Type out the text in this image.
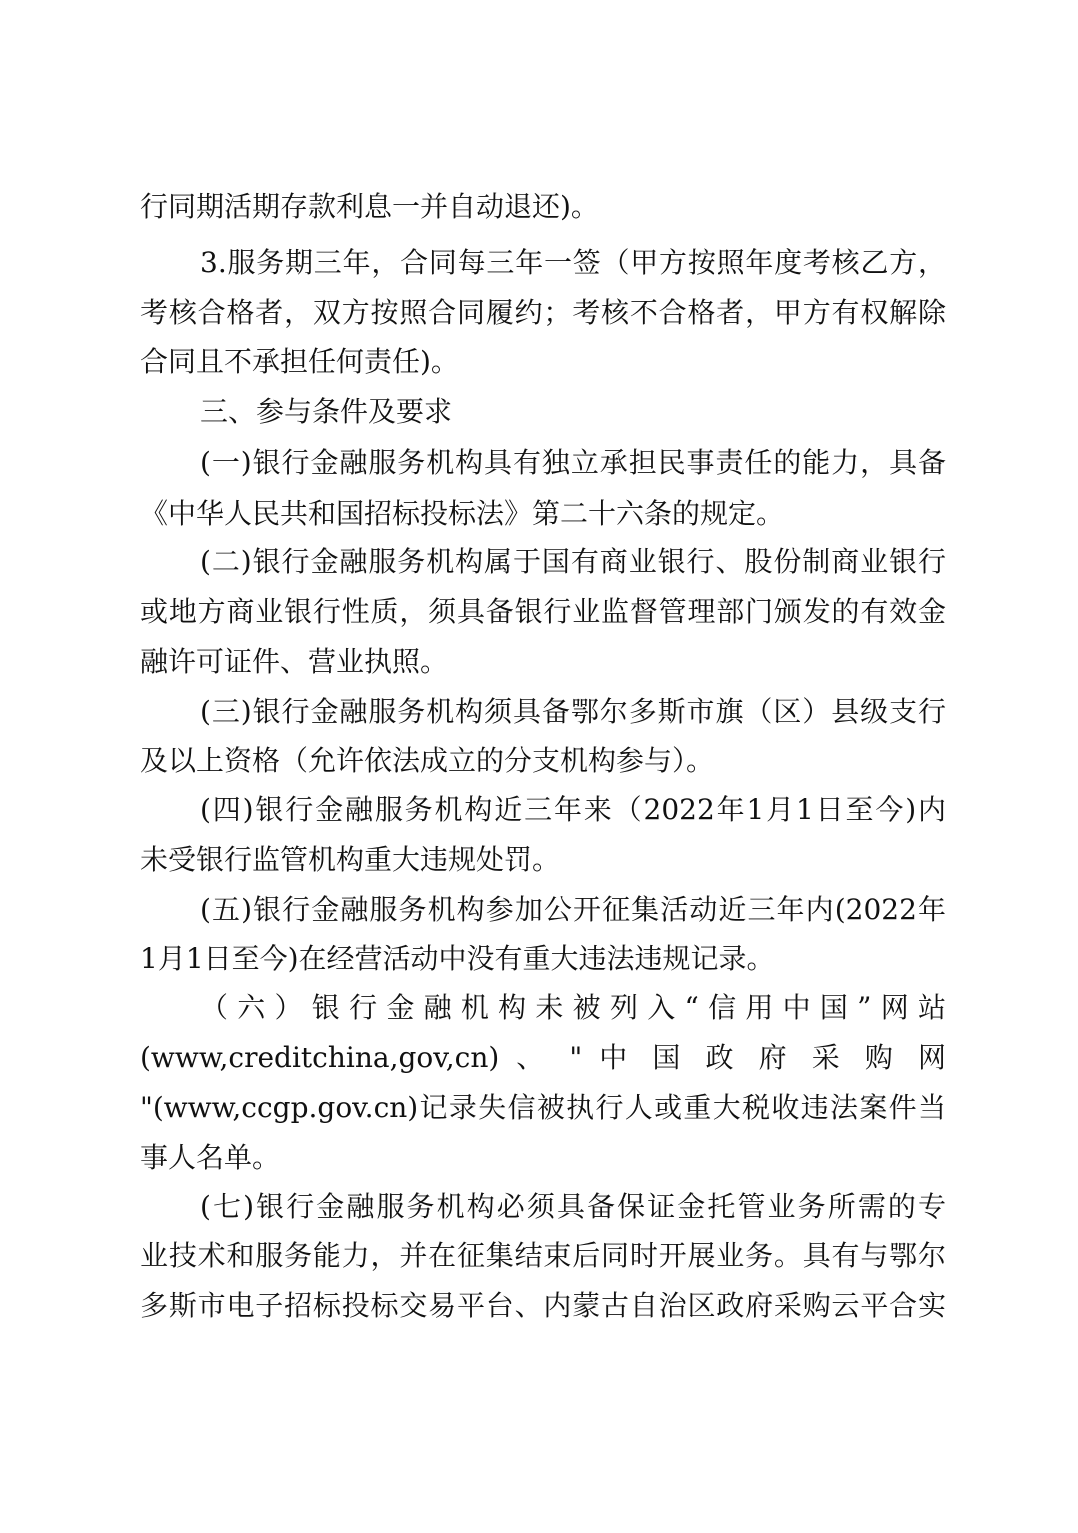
行同期活期存款利息一并自动退还)。
3.服务期三年，合同每三年一签（甲方按照年度考核乙方，
考核合格者，双方按照合同履约；考核不合格者，甲方有权解除
合同且不承担任何责任)。
三、参与条件及要求
(一)银行金融服务机构具有独立承担民事责任的能力，具备
《中华人民共和国招标投标法》第二十六条的规定。
(二)银行金融服务机构属于国有商业银行、股份制商业银行
或地方商业银行性质，须具备银行业监督管理部门颁发的有效金
融许可证件、营业执照。
(三)银行金融服务机构须具备鄂尔多斯市旗（区）县级支行
及以上资格（允许依法成立的分支机构参与）。
(四)银行金融服务机构近三年来（2022年1月1日至今)内
未受银行监管机构重大违规处罚。
(五)银行金融服务机构参加公开征集活动近三年内(2022年
1月1日至今)在经营活动中没有重大违法违规记录。
（六）银行金融机构未被列入“信用中国”网站
(www,creditchina,gov,cn) 、 " 中 国 政 府 采 购 网
"(www,ccgp.gov.cn)记录失信被执行人或重大税收违法案件当
事人名单。
(七)银行金融服务机构必须具备保证金托管业务所需的专
业技术和服务能力，并在征集结束后同时开展业务。具有与鄂尔
多斯市电子招标投标交易平台、内蒙古自治区政府采购云平合实
